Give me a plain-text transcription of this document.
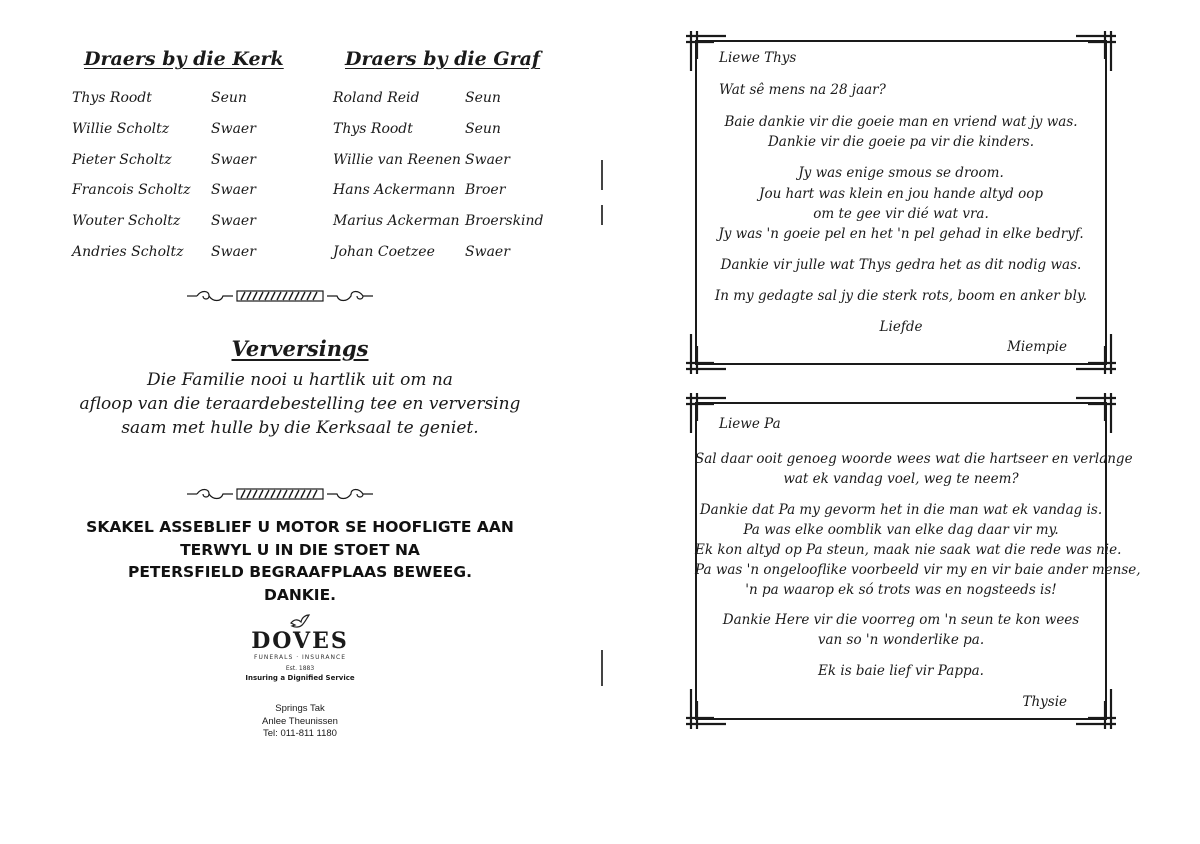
Draers by die Kerk
Thys Roodt	Seun
Willie Scholtz	Swaer
Pieter Scholtz	Swaer
Francois Scholtz	Swaer
Wouter Scholtz	Swaer
Andries Scholtz	Swaer
Draers by die Graf
Roland Reid	Seun
Thys Roodt	Seun
Willie van Reenen Swaer
Hans Ackermann Broer
Marius Ackerman Broerskind
Johan Coetzee	Swaer
Verversings
Die Familie nooi u hartlik uit om na
afloop van die teraardebestelling tee en verversing
saam met hulle by die Kerksaal te geniet.
SKAKEL ASSEBLIEF U MOTOR SE HOOFLIGTE AAN
TERWYL U IN DIE STOET NA
PETERSFIELD BEGRAAFPLAAS BEWEEG.
DANKIE.
DOVES
FUNERALS · INSURANCE
Est. 1883
Insuring a Dignified Service
Springs Tak
Anlee Theunissen
Tel: 011-811 1180
Liewe Thys
Wat sê mens na 28 jaar?
Baie dankie vir die goeie man en vriend wat jy was.
Dankie vir die goeie pa vir die kinders.
Jy was enige smous se droom.
Jou hart was klein en jou hande altyd oop
om te gee vir dié wat vra.
Jy was 'n goeie pel en het 'n pel gehad in elke bedryf.
Dankie vir julle wat Thys gedra het as dit nodig was.
In my gedagte sal jy die sterk rots, boom en anker bly.
Liefde
Miempie
Liewe Pa
Sal daar ooit genoeg woorde wees wat die hartseer en verlange
wat ek vandag voel, weg te neem?
Dankie dat Pa my gevorm het in die man wat ek vandag is.
Pa was elke oomblik van elke dag daar vir my.
Ek kon altyd op Pa steun, maak nie saak wat die rede was nie.
Pa was 'n ongelooflike voorbeeld vir my en vir baie ander mense,
'n pa waarop ek só trots was en nogsteeds is!
Dankie Here vir die voorreg om 'n seun te kon wees
van so 'n wonderlike pa.
Ek is baie lief vir Pappa.
Thysie
